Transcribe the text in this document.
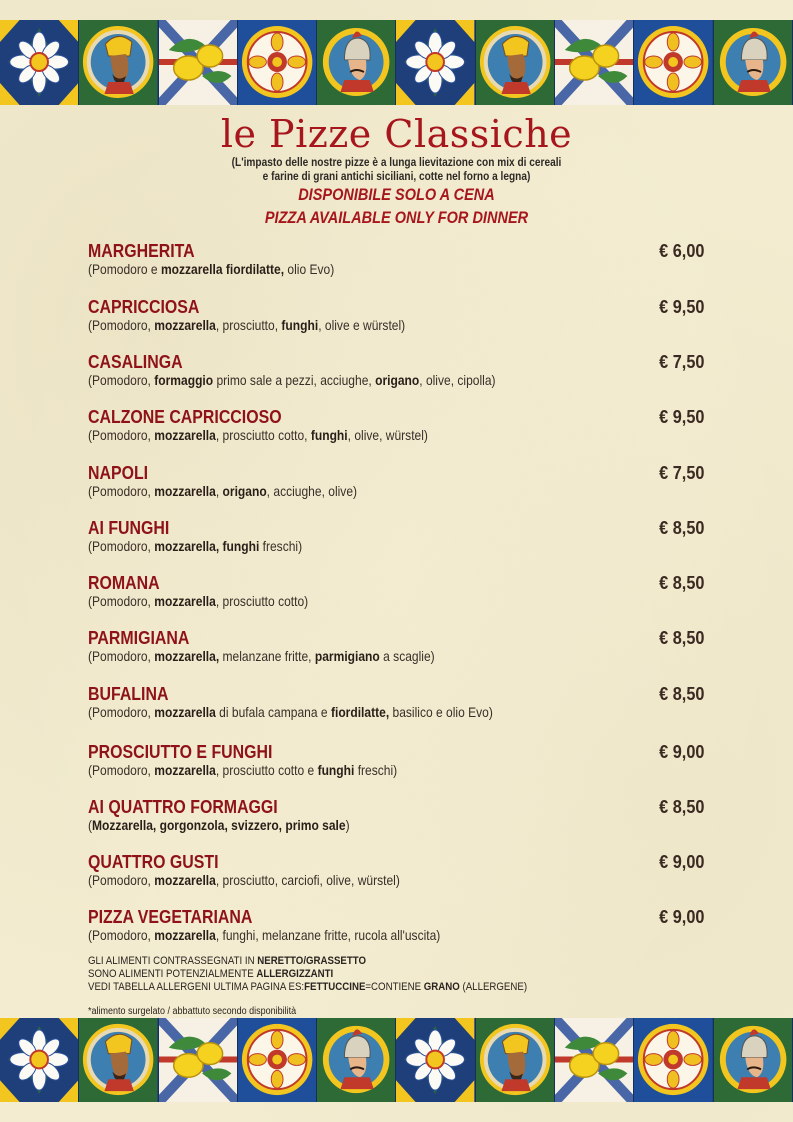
le Pizze Classiche

(L'impasto delle nostre pizze è a lunga lievitazione con mix di cereali

e farine di grani antichi siciliani, cotte nel forno a legna)

DISPONIBILE SOLO A CENA

PIZZA AVAILABLE ONLY FOR DINNER

MARGHERITA	€ 6,00
(Pomodoro e mozzarella fiordilatte, olio Evo)
CAPRICCIOSA	€ 9,50
(Pomodoro, mozzarella, prosciutto, funghi, olive e würstel)
CASALINGA	€ 7,50
(Pomodoro, formaggio primo sale a pezzi, acciughe, origano, olive, cipolla)
CALZONE CAPRICCIOSO	€ 9,50
(Pomodoro, mozzarella, prosciutto cotto, funghi, olive, würstel)
NAPOLI	€ 7,50
(Pomodoro, mozzarella, origano, acciughe, olive)
AI FUNGHI	€ 8,50
(Pomodoro, mozzarella, funghi freschi)
ROMANA	€ 8,50
(Pomodoro, mozzarella, prosciutto cotto)
PARMIGIANA	€ 8,50
(Pomodoro, mozzarella, melanzane fritte, parmigiano a scaglie)
BUFALINA	€ 8,50
(Pomodoro, mozzarella di bufala campana e fiordilatte, basilico e olio Evo)
PROSCIUTTO E FUNGHI	€ 9,00
(Pomodoro, mozzarella, prosciutto cotto e funghi freschi)
AI QUATTRO FORMAGGI	€ 8,50
(Mozzarella, gorgonzola, svizzero, primo sale)
QUATTRO GUSTI	€ 9,00
(Pomodoro, mozzarella, prosciutto, carciofi, olive, würstel)
PIZZA VEGETARIANA	€ 9,00
(Pomodoro, mozzarella, funghi, melanzane fritte, rucola all'uscita)

GLI ALIMENTI CONTRASSEGNATI IN NERETTO/GRASSETTO

SONO ALIMENTI POTENZIALMENTE ALLERGIZZANTI

VEDI TABELLA ALLERGENI ULTIMA PAGINA ES:FETTUCCINE=CONTIENE GRANO (ALLERGENE)

*alimento surgelato / abbattuto secondo disponibilità
